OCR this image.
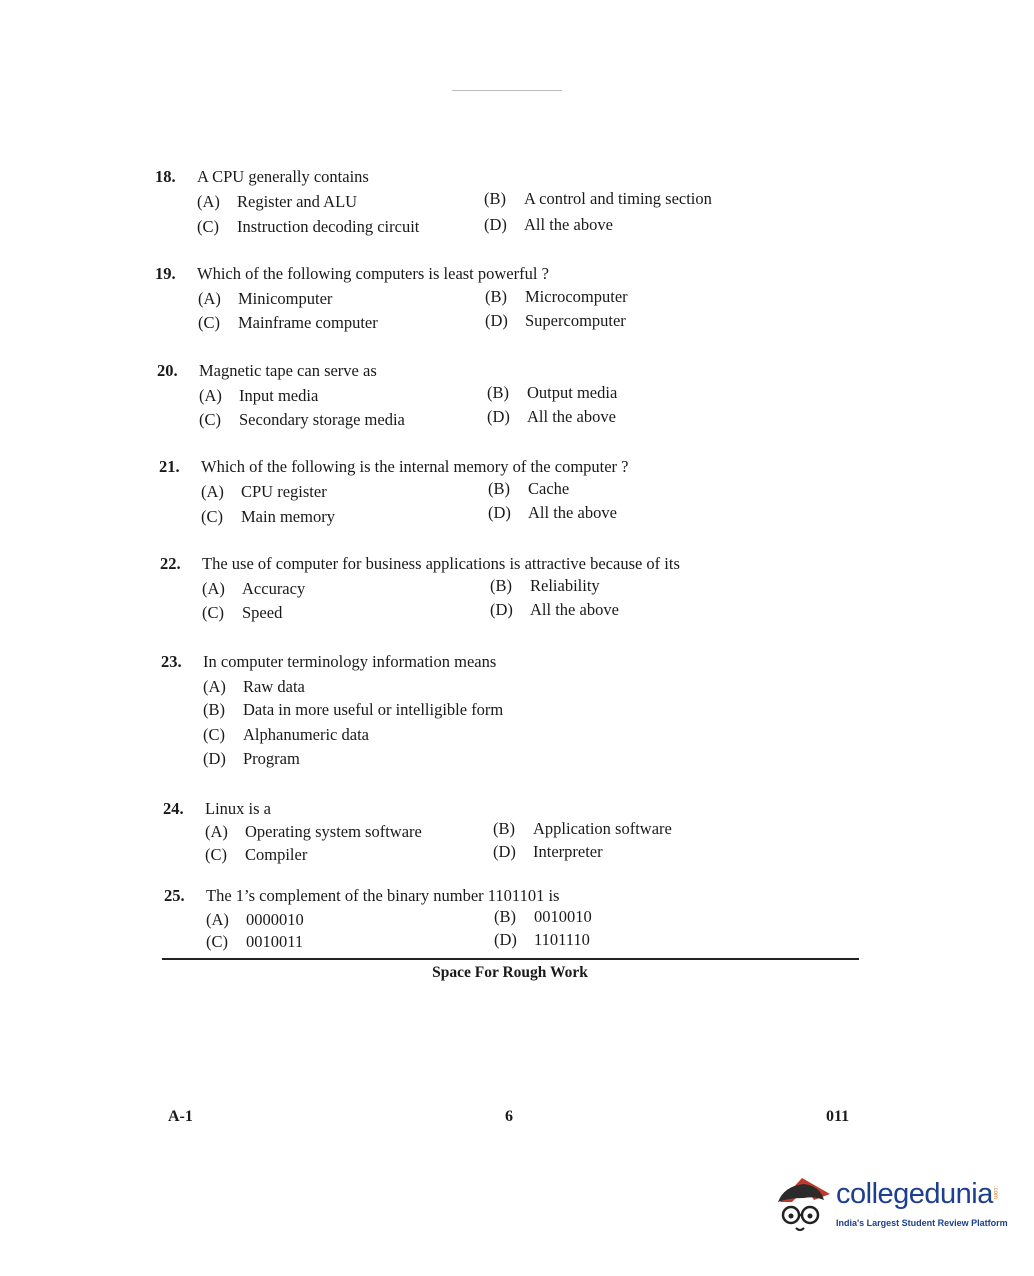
18. A CPU generally contains
(A) Register and ALU	(B) A control and timing section
(C) Instruction decoding circuit	(D) All the above
19. Which of the following computers is least powerful ?
(A) Minicomputer	(B) Microcomputer
(C) Mainframe computer	(D) Supercomputer
20. Magnetic tape can serve as
(A) Input media	(B) Output media
(C) Secondary storage media	(D) All the above
21. Which of the following is the internal memory of the computer ?
(A) CPU register	(B) Cache
(C) Main memory	(D) All the above
22. The use of computer for business applications is attractive because of its
(A) Accuracy	(B) Reliability
(C) Speed	(D) All the above
23. In computer terminology information means
(A) Raw data
(B) Data in more useful or intelligible form
(C) Alphanumeric data
(D) Program
24. Linux is a
(A) Operating system software	(B) Application software
(C) Compiler	(D) Interpreter
25. The 1’s complement of the binary number 1101101 is
(A) 0000010	(B) 0010010
(C) 0010011	(D) 1101110
Space For Rough Work
A-1	6	011
collegedunia .com
India's Largest Student Review Platform
